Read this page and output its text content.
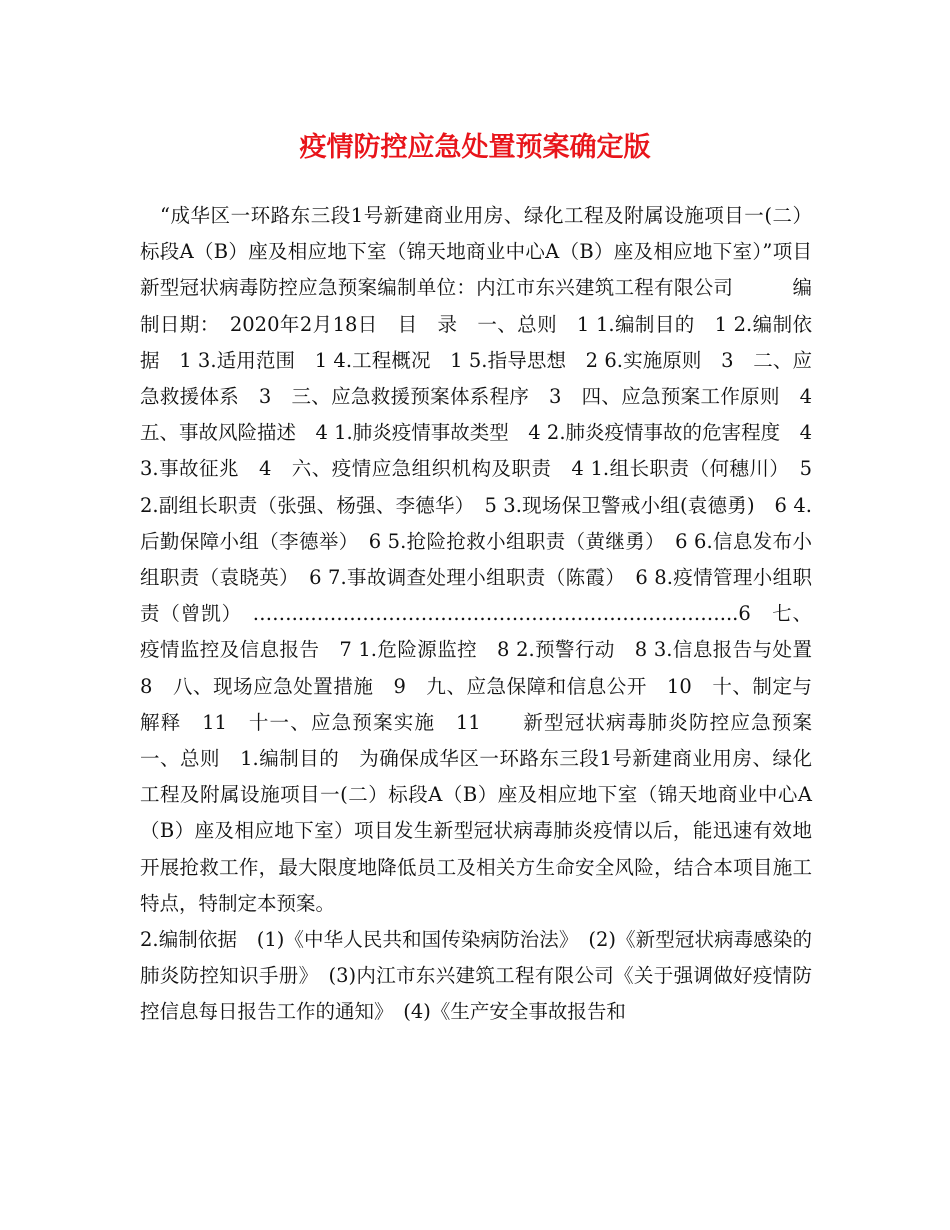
疫情防控应急处置预案确定版

“成华区一环路东三段1号新建商业用房、绿化工程及附属设施项目一(二）标段A（B）座及相应地下室（锦天地商业中心A（B）座及相应地下室）”项目　新型冠状病毒防控应急预案编制单位：内江市东兴建筑工程有限公司　　　编制日期：　2020年2月18日　目　录　一、总则　1 1.编制目的　1 2.编制依据　1 3.适用范围　1 4.工程概况　1 5.指导思想　2 6.实施原则　3　二、应急救援体系　3　三、应急救援预案体系程序　3　四、应急预案工作原则　4　五、事故风险描述　4 1.肺炎疫情事故类型　4 2.肺炎疫情事故的危害程度　4 3.事故征兆　4　六、疫情应急组织机构及职责　4 1.组长职责（何穗川）　5 2.副组长职责（张强、杨强、李德华）　5 3.现场保卫警戒小组(袁德勇)　6 4.后勤保障小组（李德举）　6 5.抢险抢救小组职责（黄继勇）　6 6.信息发布小组职责（袁晓英）　6 7.事故调查处理小组职责（陈霞）　6 8.疫情管理小组职责（曾凯）　……...………………………………………………………...6　七、疫情监控及信息报告　7 1.危险源监控　8 2.预警行动　8 3.信息报告与处置　8　八、现场应急处置措施　9　九、应急保障和信息公开　10　十、制定与解释　11　十一、应急预案实施　11　　新型冠状病毒肺炎防控应急预案　一、总则　1.编制目的　为确保成华区一环路东三段1号新建商业用房、绿化工程及附属设施项目一(二）标段A（B）座及相应地下室（锦天地商业中心A（B）座及相应地下室）项目发生新型冠状病毒肺炎疫情以后，能迅速有效地开展抢救工作，最大限度地降低员工及相关方生命安全风险，结合本项目施工特点，特制定本预案。

2.编制依据　(1)《中华人民共和国传染病防治法》　(2)《新型冠状病毒感染的肺炎防控知识手册》　(3)内江市东兴建筑工程有限公司《关于强调做好疫情防控信息每日报告工作的通知》　(4)《生产安全事故报告和
